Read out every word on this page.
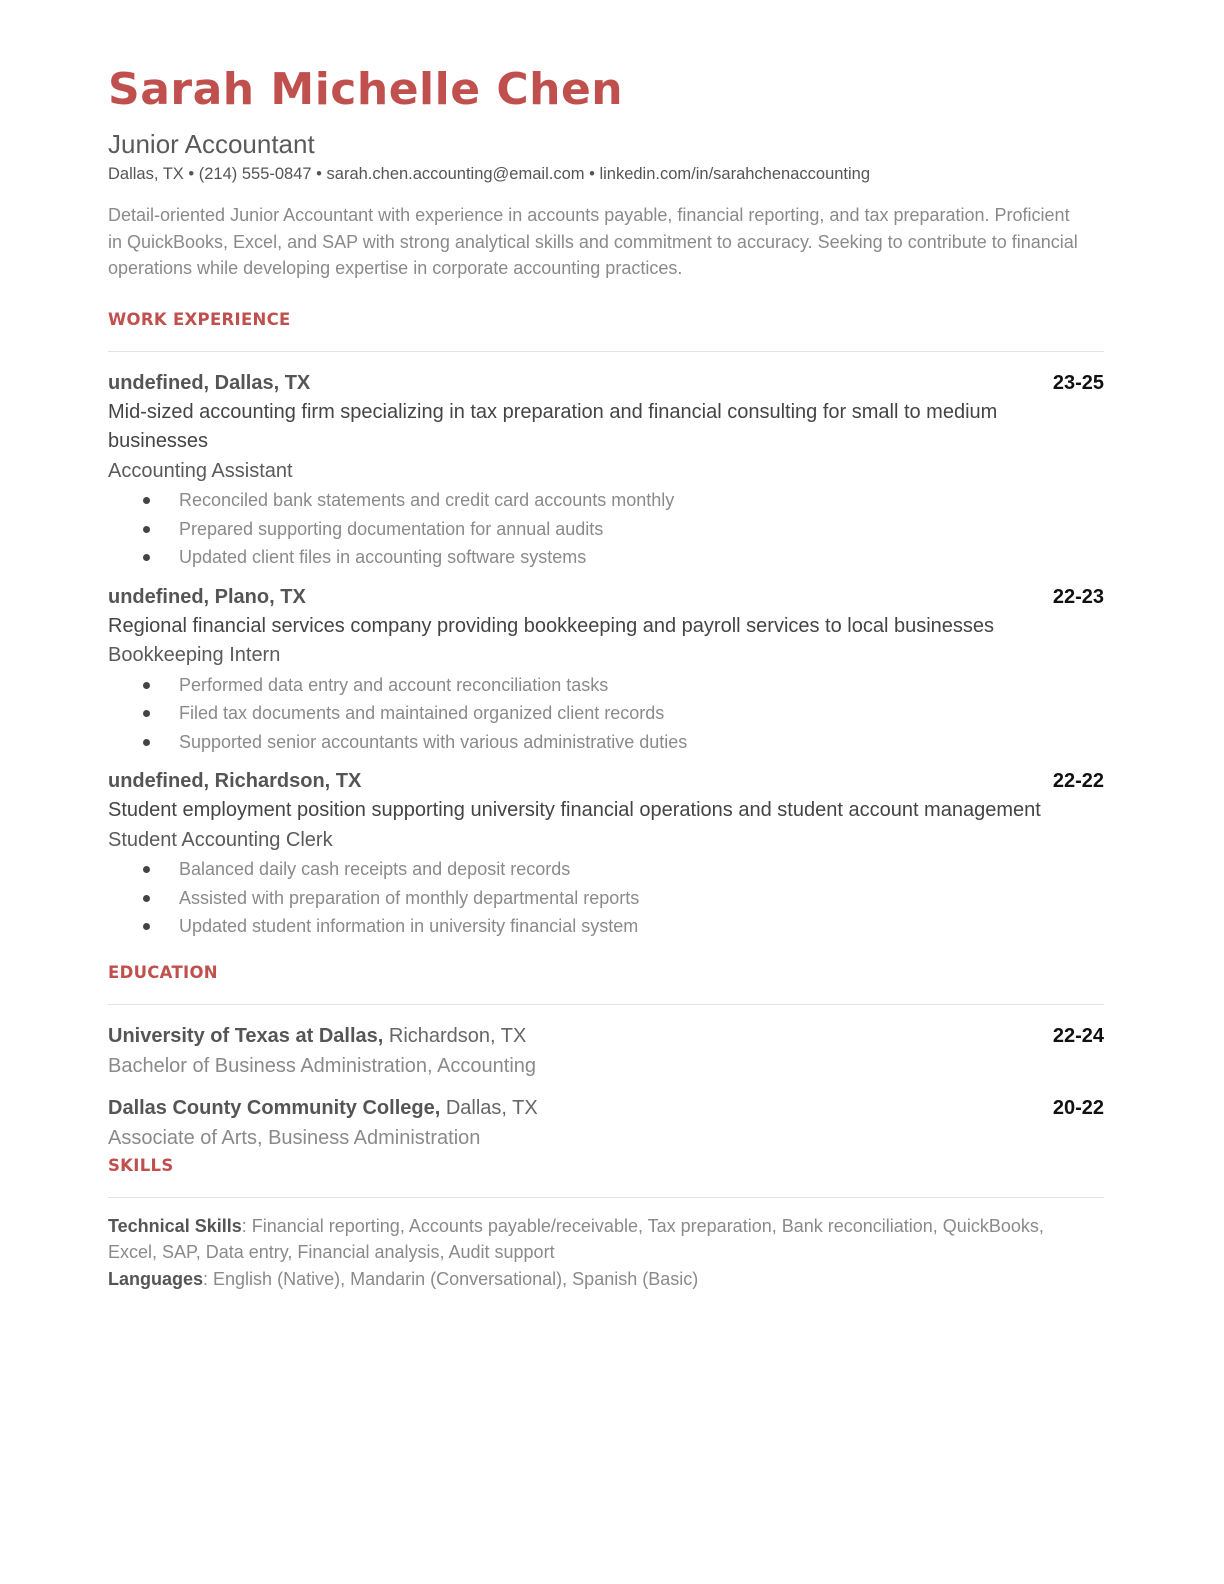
Sarah Michelle Chen
Junior Accountant
Dallas, TX • (214) 555-0847 • sarah.chen.accounting@email.com • linkedin.com/in/sarahchenaccounting
Detail-oriented Junior Accountant with experience in accounts payable, financial reporting, and tax preparation. Proficient in QuickBooks, Excel, and SAP with strong analytical skills and commitment to accuracy. Seeking to contribute to financial operations while developing expertise in corporate accounting practices.
WORK EXPERIENCE
undefined, Dallas, TX	23-25
Mid-sized accounting firm specializing in tax preparation and financial consulting for small to medium businesses
Accounting Assistant
Reconciled bank statements and credit card accounts monthly
Prepared supporting documentation for annual audits
Updated client files in accounting software systems
undefined, Plano, TX	22-23
Regional financial services company providing bookkeeping and payroll services to local businesses
Bookkeeping Intern
Performed data entry and account reconciliation tasks
Filed tax documents and maintained organized client records
Supported senior accountants with various administrative duties
undefined, Richardson, TX	22-22
Student employment position supporting university financial operations and student account management
Student Accounting Clerk
Balanced daily cash receipts and deposit records
Assisted with preparation of monthly departmental reports
Updated student information in university financial system
EDUCATION
University of Texas at Dallas, Richardson, TX	22-24
Bachelor of Business Administration, Accounting
Dallas County Community College, Dallas, TX	20-22
Associate of Arts, Business Administration
SKILLS
Technical Skills: Financial reporting, Accounts payable/receivable, Tax preparation, Bank reconciliation, QuickBooks, Excel, SAP, Data entry, Financial analysis, Audit support
Languages: English (Native), Mandarin (Conversational), Spanish (Basic)
